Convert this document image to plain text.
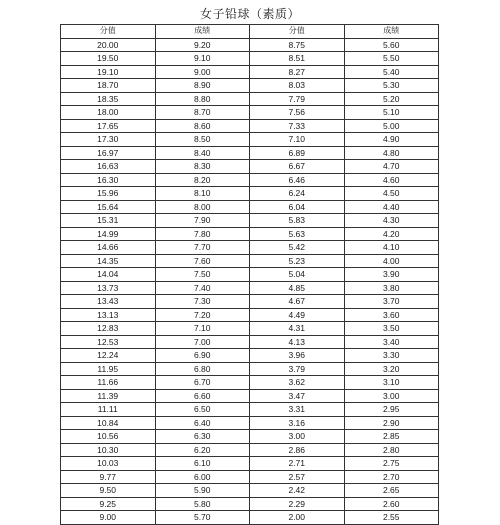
女子铅球（素质）
分值	成绩	分值	成绩
20.00	9.20	8.75	5.60
19.50	9.10	8.51	5.50
19.10	9.00	8.27	5.40
18.70	8.90	8.03	5.30
18.35	8.80	7.79	5.20
18.00	8.70	7.56	5.10
17.65	8.60	7.33	5.00
17.30	8.50	7.10	4.90
16.97	8.40	6.89	4.80
16.63	8.30	6.67	4.70
16.30	8.20	6.46	4.60
15.96	8.10	6.24	4.50
15.64	8.00	6.04	4.40
15.31	7.90	5.83	4.30
14.99	7.80	5.63	4.20
14.66	7.70	5.42	4.10
14.35	7.60	5.23	4.00
14.04	7.50	5.04	3.90
13.73	7.40	4.85	3.80
13.43	7.30	4.67	3.70
13.13	7.20	4.49	3.60
12.83	7.10	4.31	3.50
12.53	7.00	4.13	3.40
12.24	6.90	3.96	3.30
11.95	6.80	3.79	3.20
11.66	6.70	3.62	3.10
11.39	6.60	3.47	3.00
11.11	6.50	3.31	2.95
10.84	6.40	3.16	2.90
10.56	6.30	3.00	2.85
10.30	6.20	2.86	2.80
10.03	6.10	2.71	2.75
9.77	6.00	2.57	2.70
9.50	5.90	2.42	2.65
9.25	5.80	2.29	2.60
9.00	5.70	2.00	2.55
